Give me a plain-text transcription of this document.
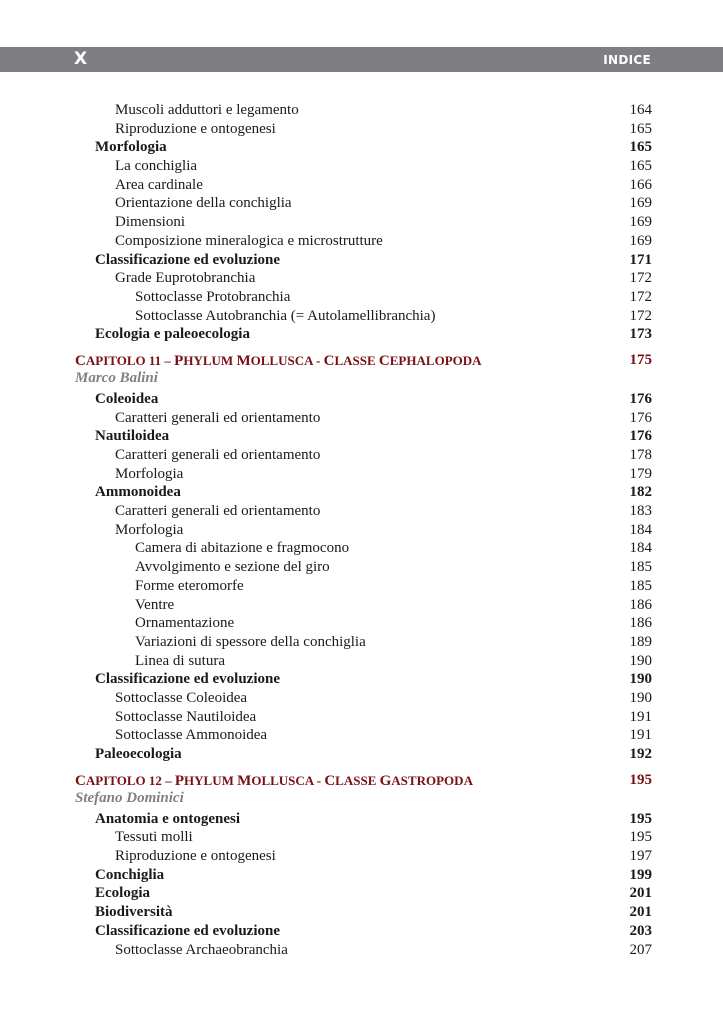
X	INDICE
Muscoli adduttori e legamento	164
Riproduzione e ontogenesi	165
Morfologia	165
La conchiglia	165
Area cardinale	166
Orientazione della conchiglia	169
Dimensioni	169
Composizione mineralogica e microstrutture	169
Classificazione ed evoluzione	171
Grade Euprotobranchia	172
Sottoclasse Protobranchia	172
Sottoclasse Autobranchia (= Autolamellibranchia)	172
Ecologia e paleoecologia	173
CAPITOLO 11 – PHYLUM MOLLUSCA - CLASSE CEPHALOPODA	175
Marco Balini
Coleoidea	176
Caratteri generali ed orientamento	176
Nautiloidea	176
Caratteri generali ed orientamento	178
Morfologia	179
Ammonoidea	182
Caratteri generali ed orientamento	183
Morfologia	184
Camera di abitazione e fragmocono	184
Avvolgimento e sezione del giro	185
Forme eteromorfe	185
Ventre	186
Ornamentazione	186
Variazioni di spessore della conchiglia	189
Linea di sutura	190
Classificazione ed evoluzione	190
Sottoclasse Coleoidea	190
Sottoclasse Nautiloidea	191
Sottoclasse Ammonoidea	191
Paleoecologia	192
CAPITOLO 12 – PHYLUM MOLLUSCA - CLASSE GASTROPODA	195
Stefano Dominici
Anatomia e ontogenesi	195
Tessuti molli	195
Riproduzione e ontogenesi	197
Conchiglia	199
Ecologia	201
Biodiversità	201
Classificazione ed evoluzione	203
Sottoclasse Archaeobranchia	207
